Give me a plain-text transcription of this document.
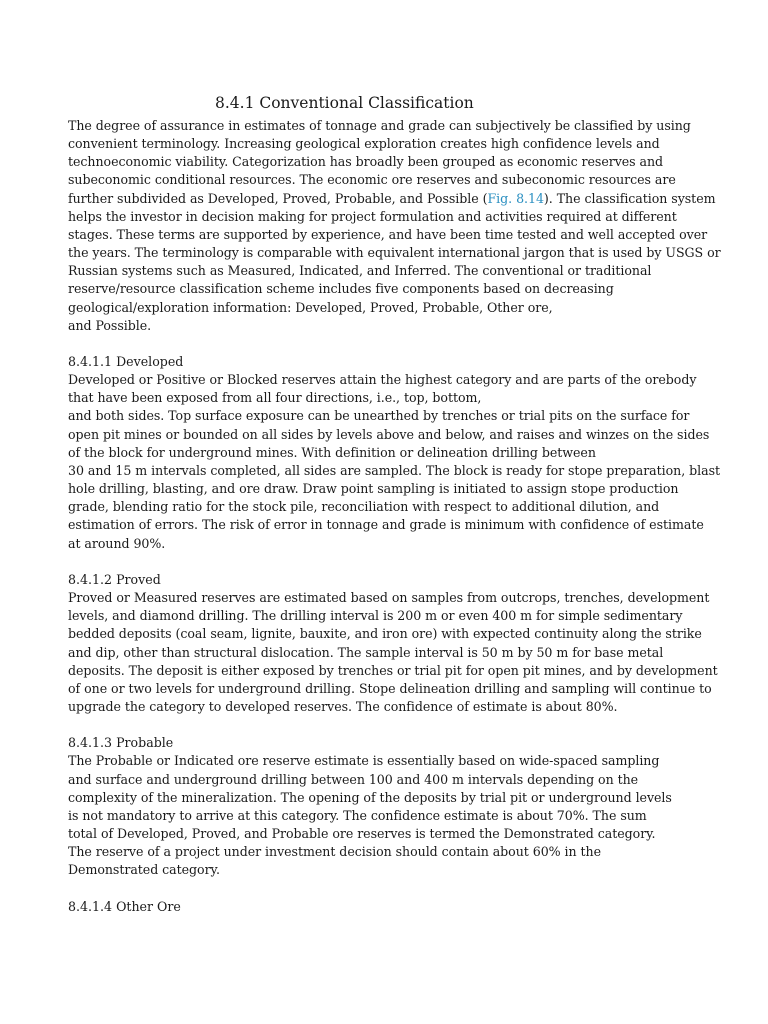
8.4.1 Conventional Classification
The degree of assurance in estimates of tonnage and grade can subjectively be classified by using
convenient terminology. Increasing geological exploration creates high confidence levels and
technoeconomic viability. Categorization has broadly been grouped as economic reserves and
subeconomic conditional resources. The economic ore reserves and subeconomic resources are
further subdivided as Developed, Proved, Probable, and Possible (Fig. 8.14). The classification system
helps the investor in decision making for project formulation and activities required at different
stages. These terms are supported by experience, and have been time tested and well accepted over
the years. The terminology is comparable with equivalent international jargon that is used by USGS or
Russian systems such as Measured, Indicated, and Inferred. The conventional or traditional
reserve/resource classification scheme includes five components based on decreasing
geological/exploration information: Developed, Proved, Probable, Other ore,
and Possible.
8.4.1.1 Developed
Developed or Positive or Blocked reserves attain the highest category and are parts of the orebody
that have been exposed from all four directions, i.e., top, bottom,
and both sides. Top surface exposure can be unearthed by trenches or trial pits on the surface for
open pit mines or bounded on all sides by levels above and below, and raises and winzes on the sides
of the block for underground mines. With definition or delineation drilling between
30 and 15 m intervals completed, all sides are sampled. The block is ready for stope preparation, blast
hole drilling, blasting, and ore draw. Draw point sampling is initiated to assign stope production
grade, blending ratio for the stock pile, reconciliation with respect to additional dilution, and
estimation of errors. The risk of error in tonnage and grade is minimum with confidence of estimate
at around 90%.
8.4.1.2 Proved
Proved or Measured reserves are estimated based on samples from outcrops, trenches, development
levels, and diamond drilling. The drilling interval is 200 m or even 400 m for simple sedimentary
bedded deposits (coal seam, lignite, bauxite, and iron ore) with expected continuity along the strike
and dip, other than structural dislocation. The sample interval is 50 m by 50 m for base metal
deposits. The deposit is either exposed by trenches or trial pit for open pit mines, and by development
of one or two levels for underground drilling. Stope delineation drilling and sampling will continue to
upgrade the category to developed reserves. The confidence of estimate is about 80%.
8.4.1.3 Probable
The Probable or Indicated ore reserve estimate is essentially based on wide-spaced sampling
and surface and underground drilling between 100 and 400 m intervals depending on the
complexity of the mineralization. The opening of the deposits by trial pit or underground levels
is not mandatory to arrive at this category. The confidence estimate is about 70%. The sum
total of Developed, Proved, and Probable ore reserves is termed the Demonstrated category.
The reserve of a project under investment decision should contain about 60% in the
Demonstrated category.
8.4.1.4 Other Ore
